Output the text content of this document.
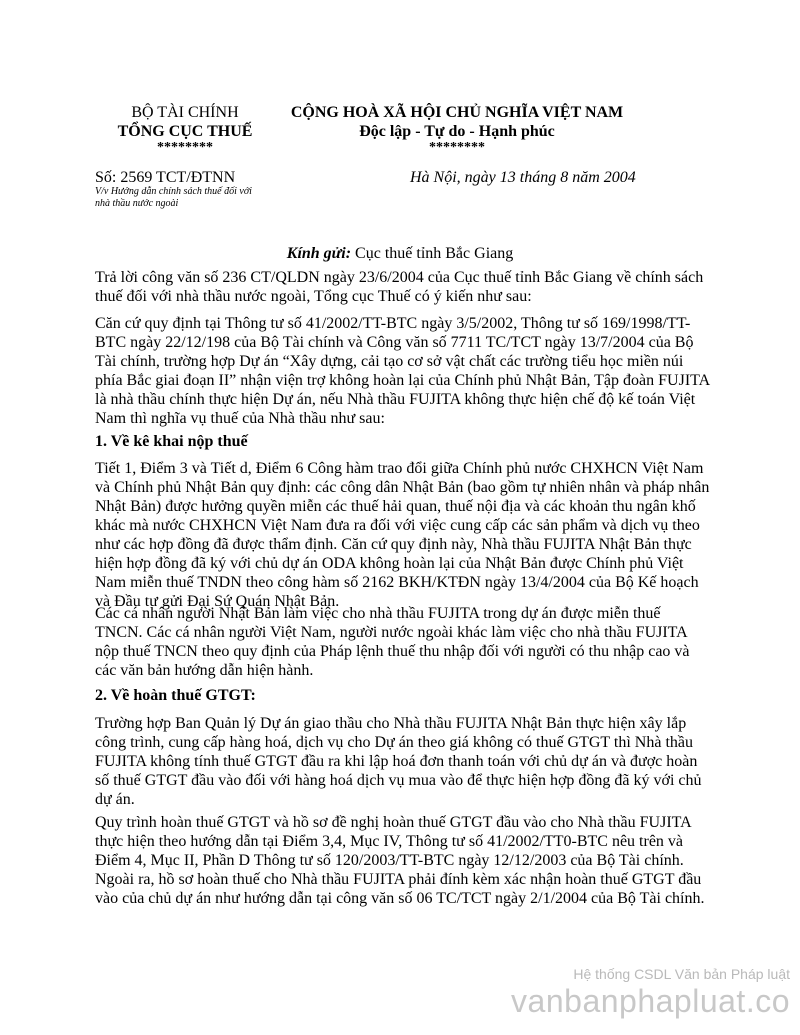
BỘ TÀI CHÍNH
TỔNG CỤC THUẾ
********
CỘNG HOÀ XÃ HỘI CHỦ NGHĨA VIỆT NAM
Độc lập - Tự do - Hạnh phúc
********
Số: 2569 TCT/ĐTNN
V/v Hướng dẫn chính sách thuế đối với nhà thầu nước ngoài
Hà Nội, ngày 13 tháng 8 năm 2004
Kính gửi: Cục thuế tỉnh Bắc Giang

Trả lời công văn số 236 CT/QLDN ngày 23/6/2004 của Cục thuế tỉnh Bắc Giang về chính sách thuế đối với nhà thầu nước ngoài, Tổng cục Thuế có ý kiến như sau:

Căn cứ quy định tại Thông tư số 41/2002/TT-BTC ngày 3/5/2002, Thông tư số 169/1998/TT-BTC ngày 22/12/198 của Bộ Tài chính và Công văn số 7711 TC/TCT ngày 13/7/2004 của Bộ Tài chính, trường hợp Dự án “Xây dựng, cải tạo cơ sở vật chất các trường tiểu học miền núi phía Bắc giai đoạn II” nhận viện trợ không hoàn lại của Chính phủ Nhật Bản, Tập đoàn FUJITA là nhà thầu chính thực hiện Dự án, nếu Nhà thầu FUJITA không thực hiện chế độ kế toán Việt Nam thì nghĩa vụ thuế của Nhà thầu như sau:

1. Về kê khai nộp thuế

Tiết 1, Điểm 3 và Tiết d, Điểm 6 Công hàm trao đổi giữa Chính phủ nước CHXHCN Việt Nam và Chính phủ Nhật Bản quy định: các công dân Nhật Bản (bao gồm tự nhiên nhân và pháp nhân Nhật Bản) được hưởng quyền miễn các thuế hải quan, thuế nội địa và các khoản thu ngân khố khác mà nước CHXHCN Việt Nam đưa ra đối với việc cung cấp các sản phẩm và dịch vụ theo như các hợp đồng đã được thẩm định. Căn cứ quy định này, Nhà thầu FUJITA Nhật Bản thực hiện hợp đồng đã ký với chủ dự án ODA không hoàn lại của Nhật Bản được Chính phủ Việt Nam miễn thuế TNDN theo công hàm số 2162 BKH/KTĐN ngày 13/4/2004 của Bộ Kế hoạch và Đầu tư gửi Đại Sứ Quán Nhật Bản.

Các cá nhân người Nhật Bản làm việc cho nhà thầu FUJITA trong dự án được miễn thuế TNCN. Các cá nhân người Việt Nam, người nước ngoài khác làm việc cho nhà thầu FUJITA nộp thuế TNCN theo quy định của Pháp lệnh thuế thu nhập đối với người có thu nhập cao và các văn bản hướng dẫn hiện hành.

2. Về hoàn thuế GTGT:

Trường hợp Ban Quản lý Dự án giao thầu cho Nhà thầu FUJITA Nhật Bản thực hiện xây lắp công trình, cung cấp hàng hoá, dịch vụ cho Dự án theo giá không có thuế GTGT thì Nhà thầu FUJITA không tính thuế GTGT đầu ra khi lập hoá đơn thanh toán với chủ dự án và được hoàn số thuế GTGT đầu vào đối với hàng hoá dịch vụ mua vào để thực hiện hợp đồng đã ký với chủ dự án.

Quy trình hoàn thuế GTGT và hồ sơ đề nghị hoàn thuế GTGT đầu vào cho Nhà thầu FUJITA thực hiện theo hướng dẫn tại Điểm 3,4, Mục IV, Thông tư số 41/2002/TT0-BTC nêu trên và Điểm 4, Mục II, Phần D Thông tư số 120/2003/TT-BTC ngày 12/12/2003 của Bộ Tài chính. Ngoài ra, hồ sơ hoàn thuế cho Nhà thầu FUJITA phải đính kèm xác nhận hoàn thuế GTGT đầu vào của chủ dự án như hướng dẫn tại công văn số 06 TC/TCT ngày 2/1/2004 của Bộ Tài chính.

Hệ thống CSDL Văn bản Pháp luật
vanbanphapluat.co
